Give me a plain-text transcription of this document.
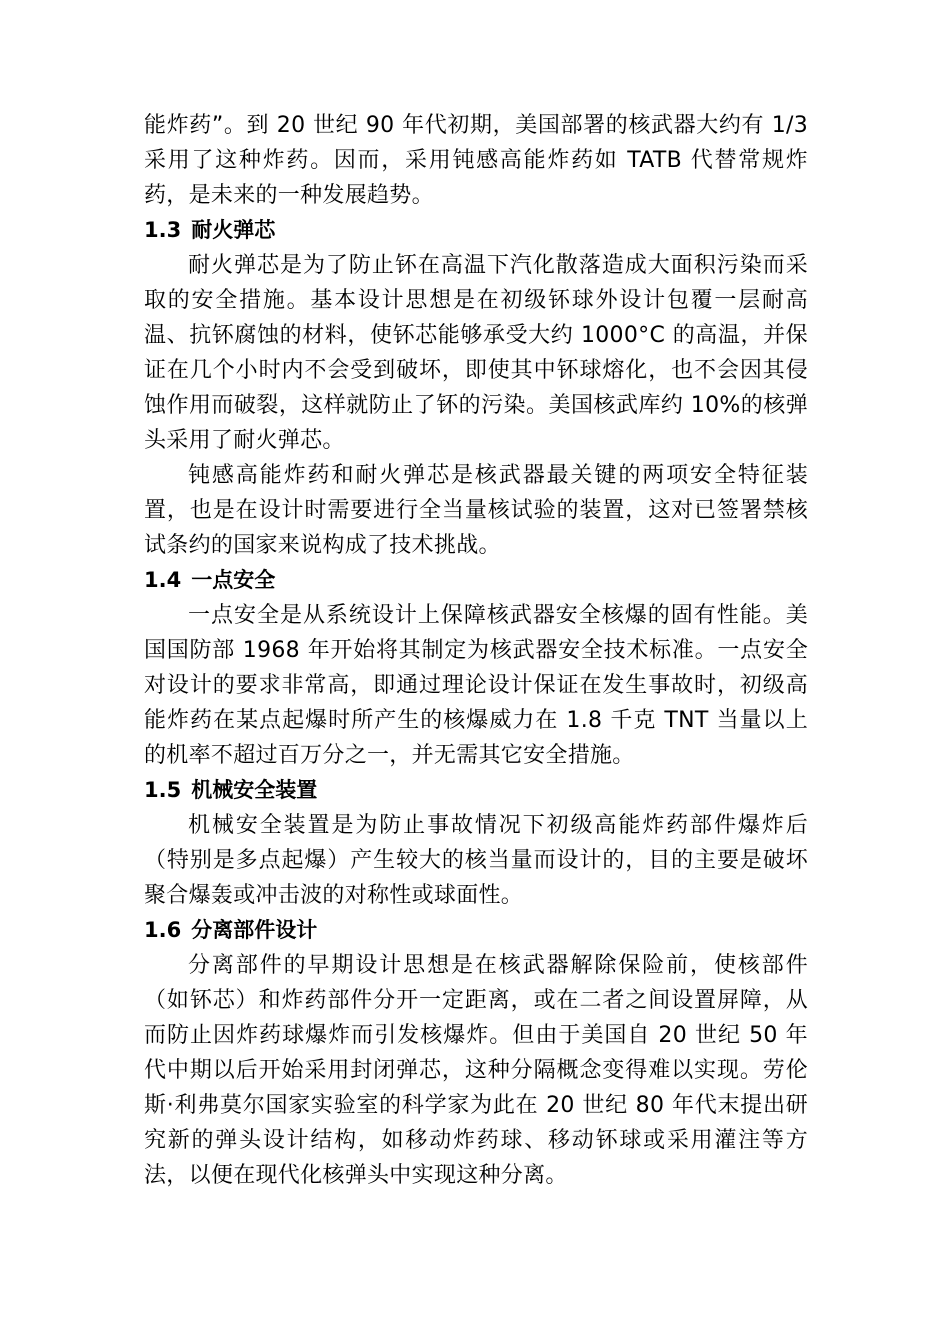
能炸药”。到 20 世纪 90 年代初期，美国部署的核武器大约有 1/3 采用了这种炸药。因而，采用钝感高能炸药如 TATB 代替常规炸药，是未来的一种发展趋势。

1.3 耐火弹芯

耐火弹芯是为了防止钚在高温下汽化散落造成大面积污染而采取的安全措施。基本设计思想是在初级钚球外设计包覆一层耐高温、抗钚腐蚀的材料，使钚芯能够承受大约 1000°C 的高温，并保证在几个小时内不会受到破坏，即使其中钚球熔化，也不会因其侵蚀作用而破裂，这样就防止了钚的污染。美国核武库约 10%的核弹头采用了耐火弹芯。

钝感高能炸药和耐火弹芯是核武器最关键的两项安全特征装置，也是在设计时需要进行全当量核试验的装置，这对已签署禁核试条约的国家来说构成了技术挑战。

1.4 一点安全

一点安全是从系统设计上保障核武器安全核爆的固有性能。美国国防部 1968 年开始将其制定为核武器安全技术标准。一点安全对设计的要求非常高，即通过理论设计保证在发生事故时，初级高能炸药在某点起爆时所产生的核爆威力在 1.8 千克 TNT 当量以上的机率不超过百万分之一，并无需其它安全措施。

1.5 机械安全装置

机械安全装置是为防止事故情况下初级高能炸药部件爆炸后（特别是多点起爆）产生较大的核当量而设计的，目的主要是破坏聚合爆轰或冲击波的对称性或球面性。

1.6 分离部件设计

分离部件的早期设计思想是在核武器解除保险前，使核部件（如钚芯）和炸药部件分开一定距离，或在二者之间设置屏障，从而防止因炸药球爆炸而引发核爆炸。但由于美国自 20 世纪 50 年代中期以后开始采用封闭弹芯，这种分隔概念变得难以实现。劳伦斯·利弗莫尔国家实验室的科学家为此在 20 世纪 80 年代末提出研究新的弹头设计结构，如移动炸药球、移动钚球或采用灌注等方法，以便在现代化核弹头中实现这种分离。
